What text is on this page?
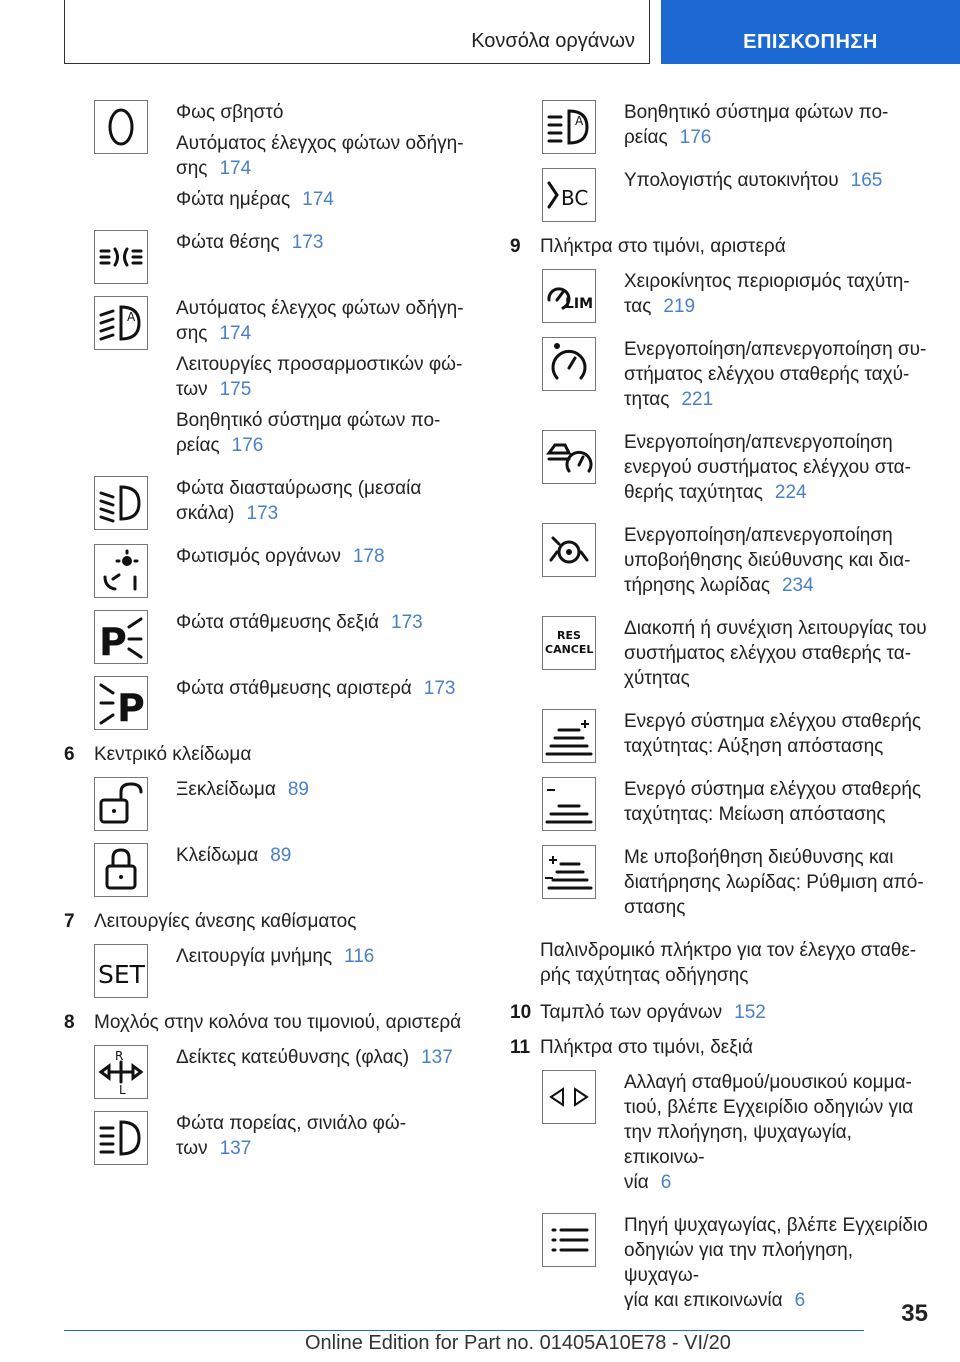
Κονσόλα οργάνων	ΕΠΙΣΚΟΠΗΣΗ
Φως σβηστό
Αυτόματος έλεγχος φώτων οδήγη-
σης 174
Φώτα ημέρας 174
Φώτα θέσης 173
A Αυτόματος έλεγχος φώτων οδήγη-
σης 174
Λειτουργίες προσαρμοστικών φώ-
των 175
Βοηθητικό σύστημα φώτων πο-
ρείας 176
Φώτα διασταύρωσης (μεσαία
σκάλα) 173
Φωτισμός οργάνων 178
P	Φώτα στάθμευσης δεξιά 173
P Φώτα στάθμευσης αριστερά 173
6	Κεντρικό κλείδωμα
Ξεκλείδωμα 89
Κλείδωμα 89
7	Λειτουργίες άνεσης καθίσματος
SET
Λειτουργία μνήμης 116
8	Μοχλός στην κολόνα του τιμονιού, αριστερά
R
L
Δείκτες κατεύθυνσης (φλας) 137
Φώτα πορείας, σινιάλο φώ-
των 137
A Βοηθητικό σύστημα φώτων πο-
ρείας 176
BC
Υπολογιστής αυτοκινήτου 165
9	Πλήκτρα στο τιμόνι, αριστερά
LIM
Χειροκίνητος περιορισμός ταχύτη-
τας 219
Ενεργοποίηση/απενεργοποίηση συ-
στήματος ελέγχου σταθερής ταχύ-
τητας 221
Ενεργοποίηση/απενεργοποίηση
ενεργού συστήματος ελέγχου στα-
θερής ταχύτητας 224
Ενεργοποίηση/απενεργοποίηση
υποβοήθησης διεύθυνσης και δια-
τήρησης λωρίδας 234
RES
CANCEL
Διακοπή ή συνέχιση λειτουργίας του
συστήματος ελέγχου σταθερής τα-
χύτητας
Ενεργό σύστημα ελέγχου σταθερής
ταχύτητας: Αύξηση απόστασης
Ενεργό σύστημα ελέγχου σταθερής
ταχύτητας: Μείωση απόστασης
Με υποβοήθηση διεύθυνσης και
διατήρησης λωρίδας: Ρύθμιση από-
στασης
Παλινδρομικό πλήκτρο για τον έλεγχο σταθε-
ρής ταχύτητας οδήγησης
10 Ταμπλό των οργάνων 152
11 Πλήκτρα στο τιμόνι, δεξιά
Αλλαγή σταθμού/μουσικού κομμα-
τιού, βλέπε Εγχειρίδιο οδηγιών για
την πλοήγηση, ψυχαγωγία, επικοινω-
νία 6
Πηγή ψυχαγωγίας, βλέπε Εγχειρίδιο
οδηγιών για την πλοήγηση, ψυχαγω-
γία και επικοινωνία 6	35
Online Edition for Part no. 01405A10E78 - VI/20
